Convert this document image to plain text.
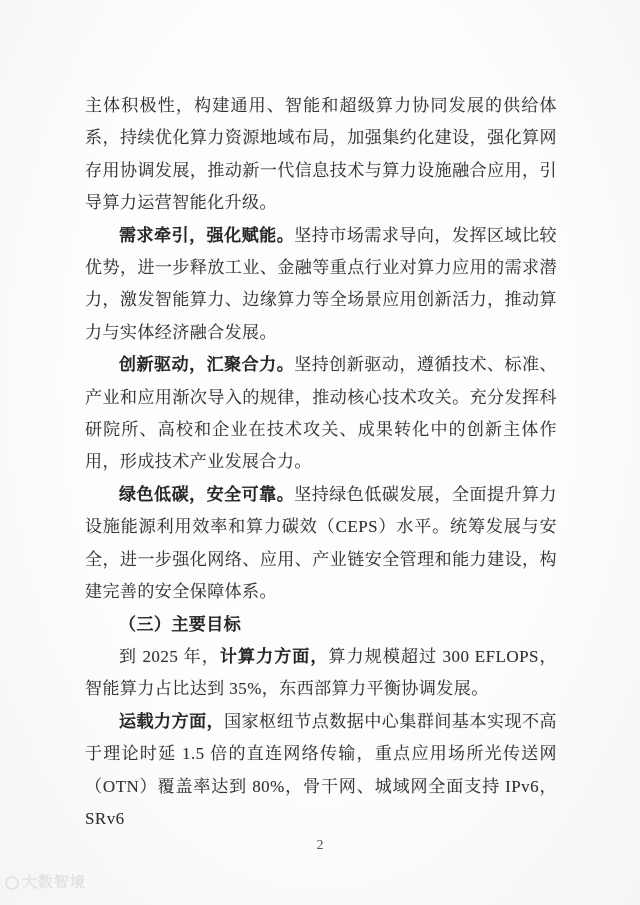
主体积极性，构建通用、智能和超级算力协同发展的供给体系，持续优化算力资源地域布局，加强集约化建设，强化算网存用协调发展，推动新一代信息技术与算力设施融合应用，引导算力运营智能化升级。

需求牵引，强化赋能。坚持市场需求导向，发挥区域比较优势，进一步释放工业、金融等重点行业对算力应用的需求潜力，激发智能算力、边缘算力等全场景应用创新活力，推动算力与实体经济融合发展。

创新驱动，汇聚合力。坚持创新驱动，遵循技术、标准、产业和应用渐次导入的规律，推动核心技术攻关。充分发挥科研院所、高校和企业在技术攻关、成果转化中的创新主体作用，形成技术产业发展合力。

绿色低碳，安全可靠。坚持绿色低碳发展，全面提升算力设施能源利用效率和算力碳效（CEPS）水平。统筹发展与安全，进一步强化网络、应用、产业链安全管理和能力建设，构建完善的安全保障体系。

（三）主要目标

到 2025 年，计算力方面，算力规模超过 300 EFLOPS，智能算力占比达到 35%，东西部算力平衡协调发展。

运载力方面，国家枢纽节点数据中心集群间基本实现不高于理论时延 1.5 倍的直连网络传输，重点应用场所光传送网（OTN）覆盖率达到 80%，骨干网、城域网全面支持 IPv6，SRv6

2
大数智境
